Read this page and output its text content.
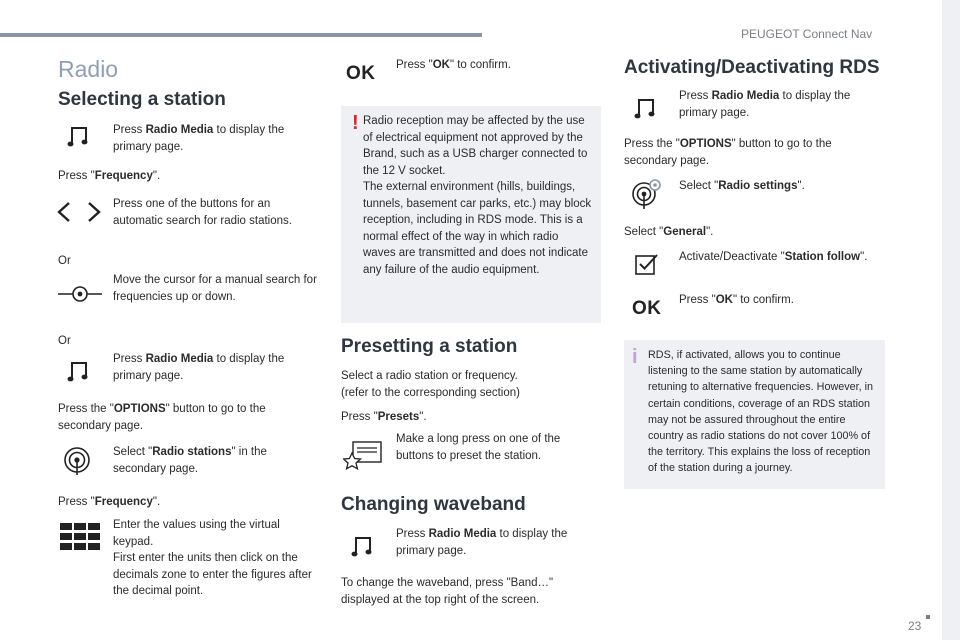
PEUGEOT Connect Nav
23
Radio
Selecting a station
Press Radio Media to display the primary page.
Press "Frequency".
Press one of the buttons for an automatic search for radio stations.
Or
Move the cursor for a manual search for frequencies up or down.
Or
Press Radio Media to display the primary page.
Press the "OPTIONS" button to go to the secondary page.
Select "Radio stations" in the secondary page.
Press "Frequency".
Enter the values using the virtual keypad.
First enter the units then click on the decimals zone to enter the figures after the decimal point.
OK Press "OK" to confirm.
! Radio reception may be affected by the use of electrical equipment not approved by the Brand, such as a USB charger connected to the 12 V socket.
The external environment (hills, buildings, tunnels, basement car parks, etc.) may block reception, including in RDS mode. This is a normal effect of the way in which radio waves are transmitted and does not indicate any failure of the audio equipment.
Presetting a station
Select a radio station or frequency.
(refer to the corresponding section)
Press "Presets".
Make a long press on one of the buttons to preset the station.
Changing waveband
Press Radio Media to display the primary page.
To change the waveband, press "Band…" displayed at the top right of the screen.
Activating/Deactivating RDS
Press Radio Media to display the primary page.
Press the "OPTIONS" button to go to the secondary page.
Select "Radio settings".
Select "General".
Activate/Deactivate "Station follow".
OK Press "OK" to confirm.
i RDS, if activated, allows you to continue listening to the same station by automatically retuning to alternative frequencies. However, in certain conditions, coverage of an RDS station may not be assured throughout the entire country as radio stations do not cover 100% of the territory. This explains the loss of reception of the station during a journey.
